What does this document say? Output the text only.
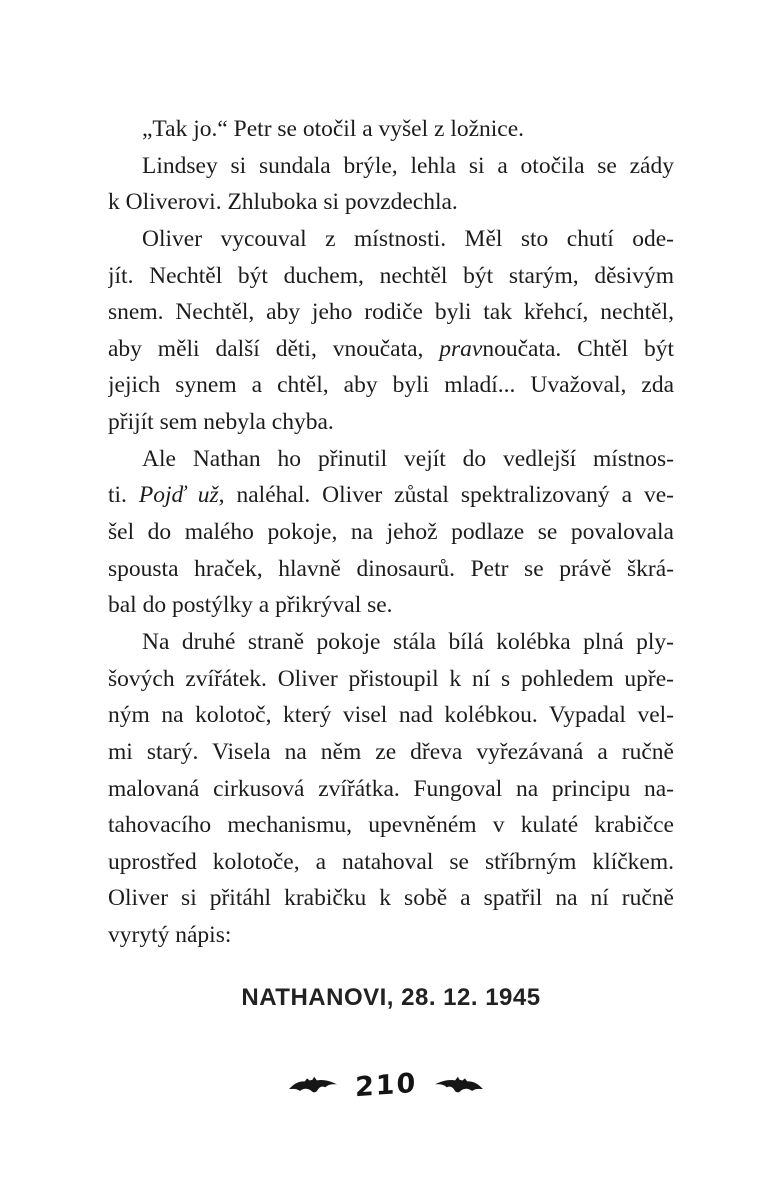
„Tak jo.“ Petr se otočil a vyšel z ložnice.
Lindsey si sundala brýle, lehla si a otočila se zády
k Oliverovi. Zhluboka si povzdechla.
Oliver vycouval z místnosti. Měl sto chutí ode-
jít. Nechtěl být duchem, nechtěl být starým, děsivým
snem. Nechtěl, aby jeho rodiče byli tak křehcí, nechtěl,
aby měli další děti, vnoučata, pravnoučata. Chtěl být
jejich synem a chtěl, aby byli mladí... Uvažoval, zda
přijít sem nebyla chyba.
Ale Nathan ho přinutil vejít do vedlejší místnos-
ti. Pojď už, naléhal. Oliver zůstal spektralizovaný a ve-
šel do malého pokoje, na jehož podlaze se povalovala
spousta hraček, hlavně dinosaurů. Petr se právě škrá-
bal do postýlky a přikrýval se.
Na druhé straně pokoje stála bílá kolébka plná ply-
šových zvířátek. Oliver přistoupil k ní s pohledem upře-
ným na kolotoč, který visel nad kolébkou. Vypadal vel-
mi starý. Visela na něm ze dřeva vyřezávaná a ručně
malovaná cirkusová zvířátka. Fungoval na principu na-
tahovacího mechanismu, upevněném v kulaté krabičce
uprostřed kolotoče, a natahoval se stříbrným klíčkem.
Oliver si přitáhl krabičku k sobě a spatřil na ní ručně
vyrytý nápis:
NATHANOVI, 28. 12. 1945
210
